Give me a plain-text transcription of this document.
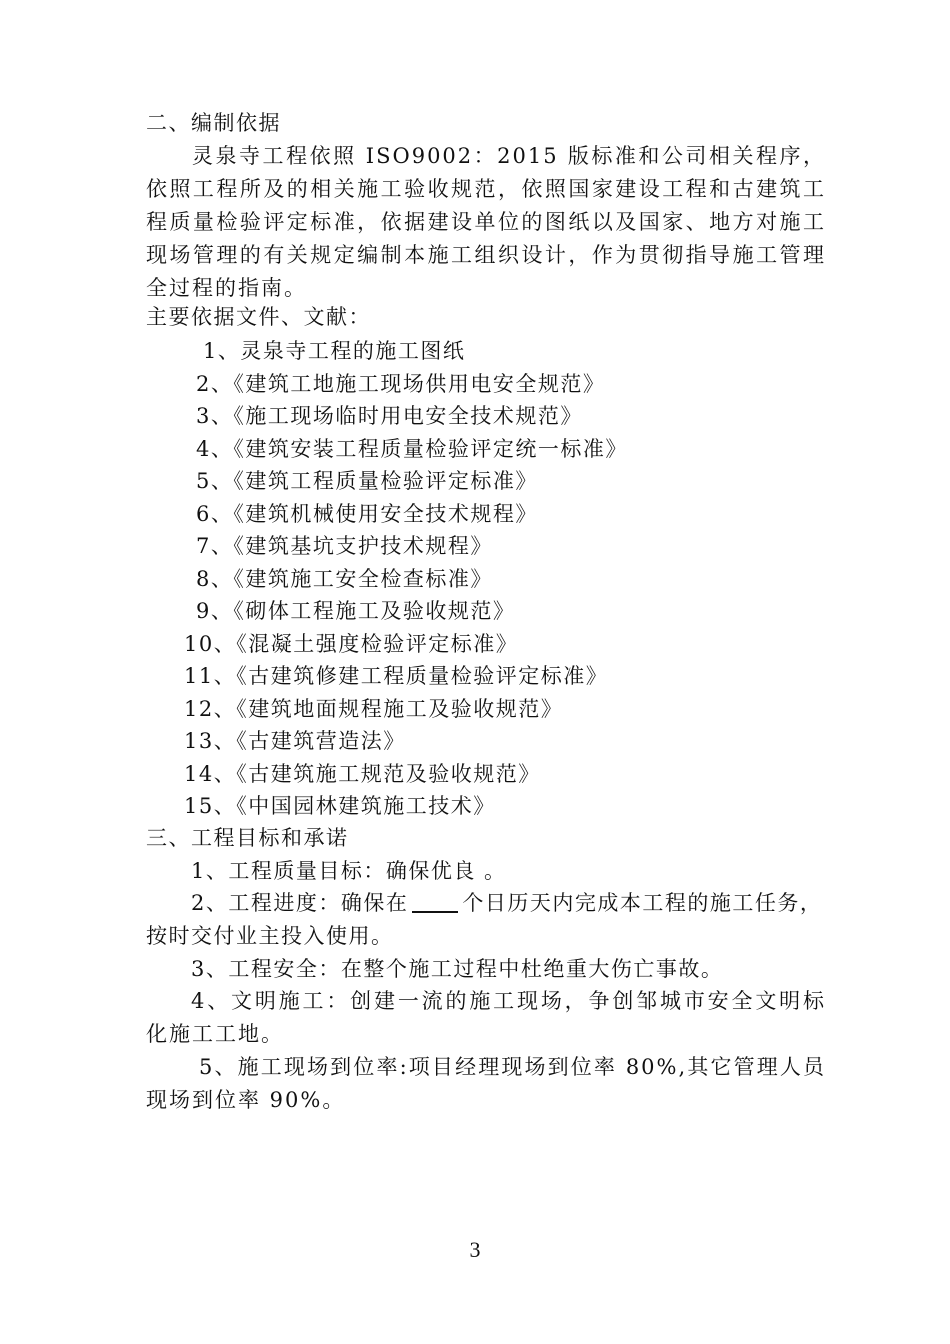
二、编制依据
灵泉寺工程依照 ISO9002：2015 版标准和公司相关程序，依照工程所及的相关施工验收规范，依照国家建设工程和古建筑工程质量检验评定标准，依据建设单位的图纸以及国家、地方对施工现场管理的有关规定编制本施工组织设计，作为贯彻指导施工管理全过程的指南。
主要依据文件、文献：
1、灵泉寺工程的施工图纸
2、《建筑工地施工现场供用电安全规范》
3、《施工现场临时用电安全技术规范》
4、《建筑安装工程质量检验评定统一标准》
5、《建筑工程质量检验评定标准》
6、《建筑机械使用安全技术规程》
7、《建筑基坑支护技术规程》
8、《建筑施工安全检查标准》
9、《砌体工程施工及验收规范》
10、《混凝土强度检验评定标准》
11、《古建筑修建工程质量检验评定标准》
12、《建筑地面规程施工及验收规范》
13、《古建筑营造法》
14、《古建筑施工规范及验收规范》
15、《中国园林建筑施工技术》
三、工程目标和承诺
1、工程质量目标：确保优良 。
2、工程进度：确保在	个日历天内完成本工程的施工任务，
按时交付业主投入使用。
3、工程安全：在整个施工过程中杜绝重大伤亡事故。
4、文明施工：创建一流的施工现场，争创邹城市安全文明标化施工工地。
5、施工现场到位率:项目经理现场到位率 80%,其它管理人员现场到位率 90%。
3
